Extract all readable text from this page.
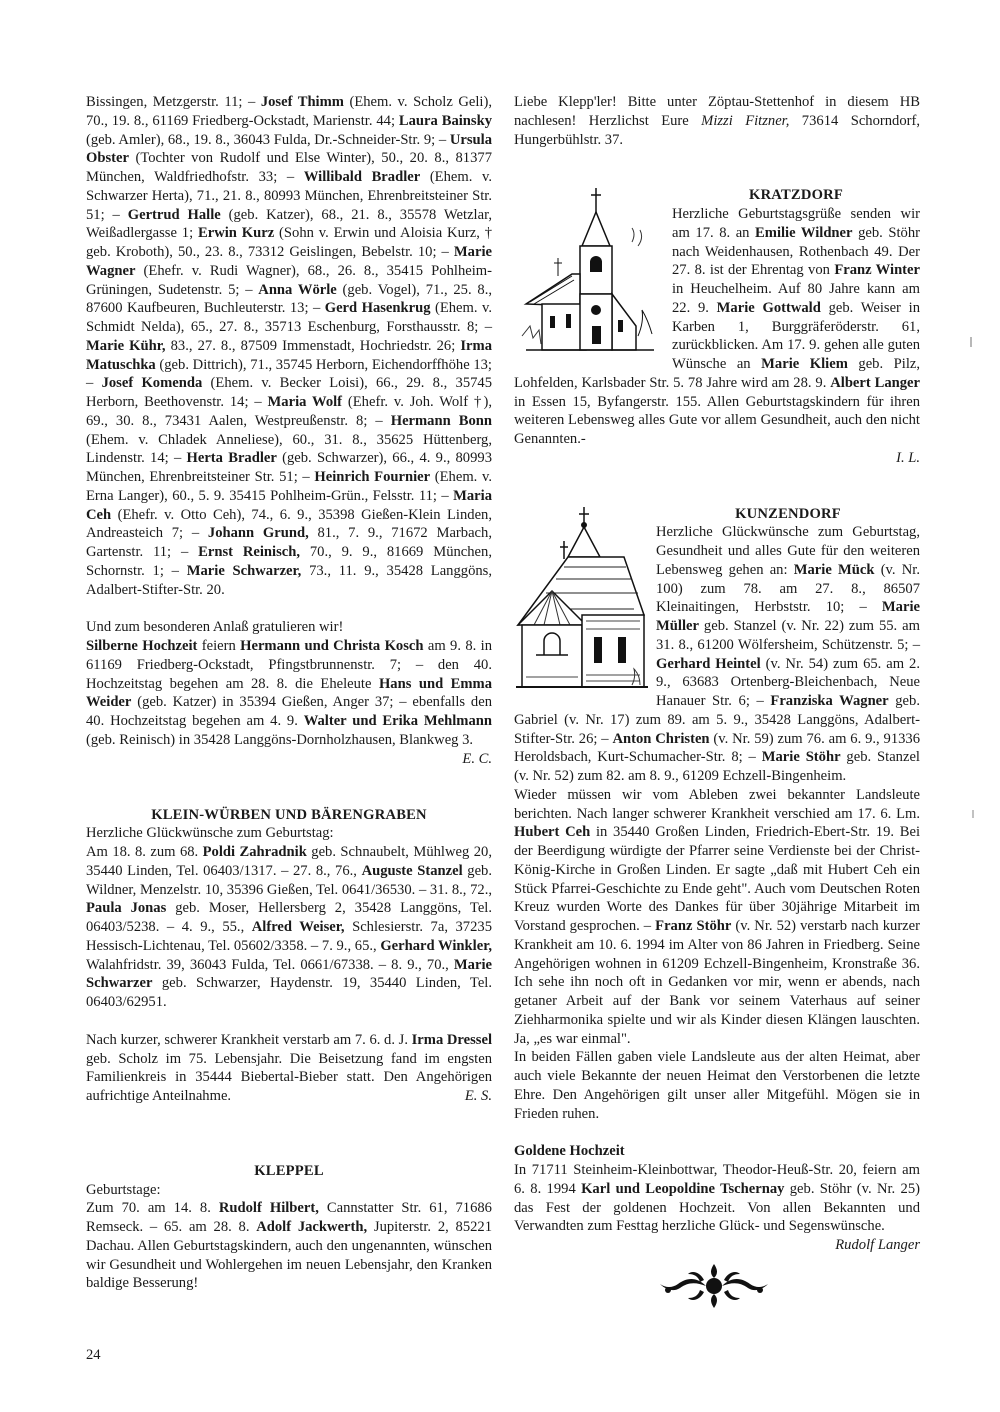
Bissingen, Metzgerstr. 11; – Josef Thimm (Ehem. v. Scholz Geli), 70., 19. 8., 61169 Friedberg-Ockstadt, Marienstr. 44; Laura Bainsky (geb. Amler), 68., 19. 8., 36043 Fulda, Dr.-Schneider-Str. 9; – Ursula Obster (Tochter von Rudolf und Else Winter), 50., 20. 8., 81377 München, Waldfriedhofstr. 33; – Willibald Bradler (Ehem. v. Schwarzer Herta), 71., 21. 8., 80993 München, Ehrenbreitsteiner Str. 51; – Gertrud Halle (geb. Katzer), 68., 21. 8., 35578 Wetzlar, Weißadlergasse 1; Erwin Kurz (Sohn v. Erwin und Aloisia Kurz, † geb. Kroboth), 50., 23. 8., 73312 Geislingen, Bebelstr. 10; – Marie Wagner (Ehefr. v. Rudi Wagner), 68., 26. 8., 35415 Pohlheim-Grüningen, Sudetenstr. 5; – Anna Wörle (geb. Vogel), 71., 25. 8., 87600 Kaufbeuren, Buchleuterstr. 13; – Gerd Hasenkrug (Ehem. v. Schmidt Nelda), 65., 27. 8., 35713 Eschenburg, Forsthausstr. 8; – Marie Kühr, 83., 27. 8., 87509 Immenstadt, Hochriedstr. 26; Irma Matuschka (geb. Dittrich), 71., 35745 Herborn, Eichendorffhöhe 13; – Josef Komenda (Ehem. v. Becker Loisi), 66., 29. 8., 35745 Herborn, Beethovenstr. 14; – Maria Wolf (Ehefr. v. Joh. Wolf †), 69., 30. 8., 73431 Aalen, Westpreußenstr. 8; – Hermann Bonn (Ehem. v. Chladek Anneliese), 60., 31. 8., 35625 Hüttenberg, Lindenstr. 14; – Herta Bradler (geb. Schwarzer), 66., 4. 9., 80993 München, Ehrenbreitsteiner Str. 51; – Heinrich Fournier (Ehem. v. Erna Langer), 60., 5. 9. 35415 Pohlheim-Grün., Felsstr. 11; – Maria Ceh (Ehefr. v. Otto Ceh), 74., 6. 9., 35398 Gießen-Klein Linden, Andreasteich 7; – Johann Grund, 81., 7. 9., 71672 Marbach, Gartenstr. 11; – Ernst Reinisch, 70., 9. 9., 81669 München, Schornstr. 1; – Marie Schwarzer, 73., 11. 9., 35428 Langgöns, Adalbert-Stifter-Str. 20.

Und zum besonderen Anlaß gratulieren wir!

Silberne Hochzeit feiern Hermann und Christa Kosch am 9. 8. in 61169 Friedberg-Ockstadt, Pfingstbrunnenstr. 7; – den 40. Hochzeitstag begehen am 28. 8. die Eheleute Hans und Emma Weider (geb. Katzer) in 35394 Gießen, Anger 37; – ebenfalls den 40. Hochzeitstag begehen am 4. 9. Walter und Erika Mehlmann (geb. Reinisch) in 35428 Langgöns-Dornholzhausen, Blankweg 3.
E. C.

KLEIN-WÜRBEN UND BÄRENGRABEN

Herzliche Glückwünsche zum Geburtstag:

Am 18. 8. zum 68. Poldi Zahradnik geb. Schnaubelt, Mühlweg 20, 35440 Linden, Tel. 06403/1317. – 27. 8., 76., Auguste Stanzel geb. Wildner, Menzelstr. 10, 35396 Gießen, Tel. 0641/36530. – 31. 8., 72., Paula Jonas geb. Moser, Hellersberg 2, 35428 Langgöns, Tel. 06403/5238. – 4. 9., 55., Alfred Weiser, Schlesierstr. 7a, 37235 Hessisch-Lichtenau, Tel. 05602/3358. – 7. 9., 65., Gerhard Winkler, Walahfridstr. 39, 36043 Fulda, Tel. 0661/67338. – 8. 9., 70., Marie Schwarzer geb. Schwarzer, Haydenstr. 19, 35440 Linden, Tel. 06403/62951.

Nach kurzer, schwerer Krankheit verstarb am 7. 6. d. J. Irma Dressel geb. Scholz im 75. Lebensjahr. Die Beisetzung fand im engsten Familienkreis in 35444 Biebertal-Bieber statt. Den Angehörigen aufrichtige Anteilnahme.	E. S.

KLEPPEL

Geburtstage:

Zum 70. am 14. 8. Rudolf Hilbert, Cannstatter Str. 61, 71686 Remseck. – 65. am 28. 8. Adolf Jackwerth, Jupiterstr. 2, 85221 Dachau. Allen Geburtstagskindern, auch den ungenannten, wünschen wir Gesundheit und Wohlergehen im neuen Lebensjahr, den Kranken baldige Besserung!

Liebe Klepp'ler! Bitte unter Zöptau-Stettenhof in diesem HB nachlesen! Herzlichst Eure Mizzi Fitzner, 73614 Schorndorf, Hungerbühlstr. 37.

KRATZDORF

Herzliche Geburtstagsgrüße senden wir am 17. 8. an Emilie Wildner geb. Stöhr nach Weidenhausen, Rothenbach 49. Der 27. 8. ist der Ehrentag von Franz Winter in Heuchelheim. Auf 80 Jahre kann am 22. 9. Marie Gottwald geb. Weiser in Karben 1, Burggräferöderstr. 61, zurückblicken. Am 17. 9. gehen alle guten Wünsche an Marie Kliem geb. Pilz, Lohfelden, Karlsbader Str. 5. 78 Jahre wird am 28. 9. Albert Langer in Essen 15, Byfangerstr. 155. Allen Geburtstagskindern für ihren weiteren Lebensweg alles Gute vor allem Gesundheit, auch den nicht Genannten.-

I. L.

KUNZENDORF

Herzliche Glückwünsche zum Geburtstag, Gesundheit und alles Gute für den weiteren Lebensweg gehen an: Marie Mück (v. Nr. 100) zum 78. am 27. 8., 86507 Kleinaitingen, Herbststr. 10; – Marie Müller geb. Stanzel (v. Nr. 22) zum 55. am 31. 8., 61200 Wölfersheim, Schützenstr. 5; – Gerhard Heintel (v. Nr. 54) zum 65. am 2. 9., 63683 Ortenberg-Bleichenbach, Neue Hanauer Str. 6; – Franziska Wagner geb. Gabriel (v. Nr. 17) zum 89. am 5. 9., 35428 Langgöns, Adalbert-Stifter-Str. 26; – Anton Christen (v. Nr. 59) zum 76. am 6. 9., 91336 Heroldsbach, Kurt-Schumacher-Str. 8; – Marie Stöhr geb. Stanzel (v. Nr. 52) zum 82. am 8. 9., 61209 Echzell-Bingenheim.

Wieder müssen wir vom Ableben zwei bekannter Landsleute berichten. Nach langer schwerer Krankheit verschied am 17. 6. Lm. Hubert Ceh in 35440 Großen Linden, Friedrich-Ebert-Str. 19. Bei der Beerdigung würdigte der Pfarrer seine Verdienste bei der Christ-König-Kirche in Großen Linden. Er sagte „daß mit Hubert Ceh ein Stück Pfarrei-Geschichte zu Ende geht". Auch vom Deutschen Roten Kreuz wurden Worte des Dankes für über 30jährige Mitarbeit im Vorstand gesprochen. – Franz Stöhr (v. Nr. 52) verstarb nach kurzer Krankheit am 10. 6. 1994 im Alter von 86 Jahren in Friedberg. Seine Angehörigen wohnen in 61209 Echzell-Bingenheim, Kronstraße 36. Ich sehe ihn noch oft in Gedanken vor mir, wenn er abends, nach getaner Arbeit auf der Bank vor seinem Vaterhaus auf seiner Ziehharmonika spielte und wir als Kinder diesen Klängen lauschten. Ja, „es war einmal".

In beiden Fällen gaben viele Landsleute aus der alten Heimat, aber auch viele Bekannte der neuen Heimat den Verstorbenen die letzte Ehre. Den Angehörigen gilt unser aller Mitgefühl. Mögen sie in Frieden ruhen.

Goldene Hochzeit

In 71711 Steinheim-Kleinbottwar, Theodor-Heuß-Str. 20, feiern am 6. 8. 1994 Karl und Leopoldine Tschernay geb. Stöhr (v. Nr. 25) das Fest der goldenen Hochzeit. Von allen Bekannten und Verwandten zum Festtag herzliche Glück- und Segenswünsche.
Rudolf Langer

24
